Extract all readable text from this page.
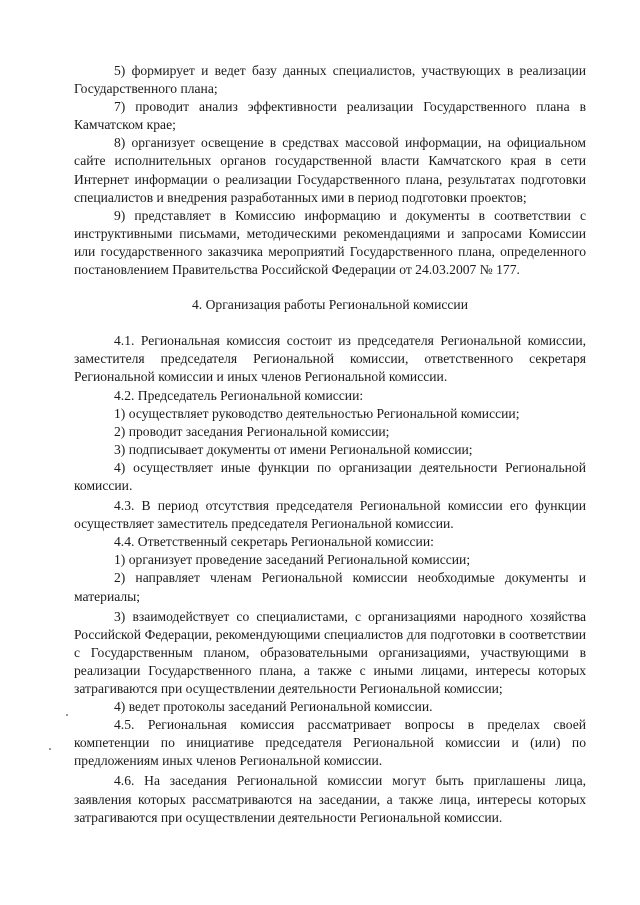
5) формирует и ведет базу данных специалистов, участвующих в реализации Государственного плана;

7) проводит анализ эффективности реализации Государственного плана в Камчатском крае;

8) организует освещение в средствах массовой информации, на официальном сайте исполнительных органов государственной власти Камчатского края в сети Интернет информации о реализации Государственного плана, результатах подготовки специалистов и внедрения разработанных ими в период подготовки проектов;

9) представляет в Комиссию информацию и документы в соответствии с инструктивными письмами, методическими рекомендациями и запросами Комиссии или государственного заказчика мероприятий Государственного плана, определенного постановлением Правительства Российской Федерации от 24.03.2007 № 177.

4. Организация работы Региональной комиссии

4.1. Региональная комиссия состоит из председателя Региональной комиссии, заместителя председателя Региональной комиссии, ответственного секретаря Региональной комиссии и иных членов Региональной комиссии.

4.2. Председатель Региональной комиссии:

1) осуществляет руководство деятельностью Региональной комиссии;

2) проводит заседания Региональной комиссии;

3) подписывает документы от имени Региональной комиссии;

4) осуществляет иные функции по организации деятельности Региональной комиссии.

4.3. В период отсутствия председателя Региональной комиссии его функции осуществляет заместитель председателя Региональной комиссии.

4.4. Ответственный секретарь Региональной комиссии:

1) организует проведение заседаний Региональной комиссии;

2) направляет членам Региональной комиссии необходимые документы и материалы;

3) взаимодействует со специалистами, с организациями народного хозяйства Российской Федерации, рекомендующими специалистов для подготовки в соответствии с Государственным планом, образовательными организациями, участвующими в реализации Государственного плана, а также с иными лицами, интересы которых затрагиваются при осуществлении деятельности Региональной комиссии;

4) ведет протоколы заседаний Региональной комиссии.

4.5. Региональная комиссия рассматривает вопросы в пределах своей компетенции по инициативе председателя Региональной комиссии и (или) по предложениям иных членов Региональной комиссии.

4.6. На заседания Региональной комиссии могут быть приглашены лица, заявления которых рассматриваются на заседании, а также лица, интересы которых затрагиваются при осуществлении деятельности Региональной комиссии.
